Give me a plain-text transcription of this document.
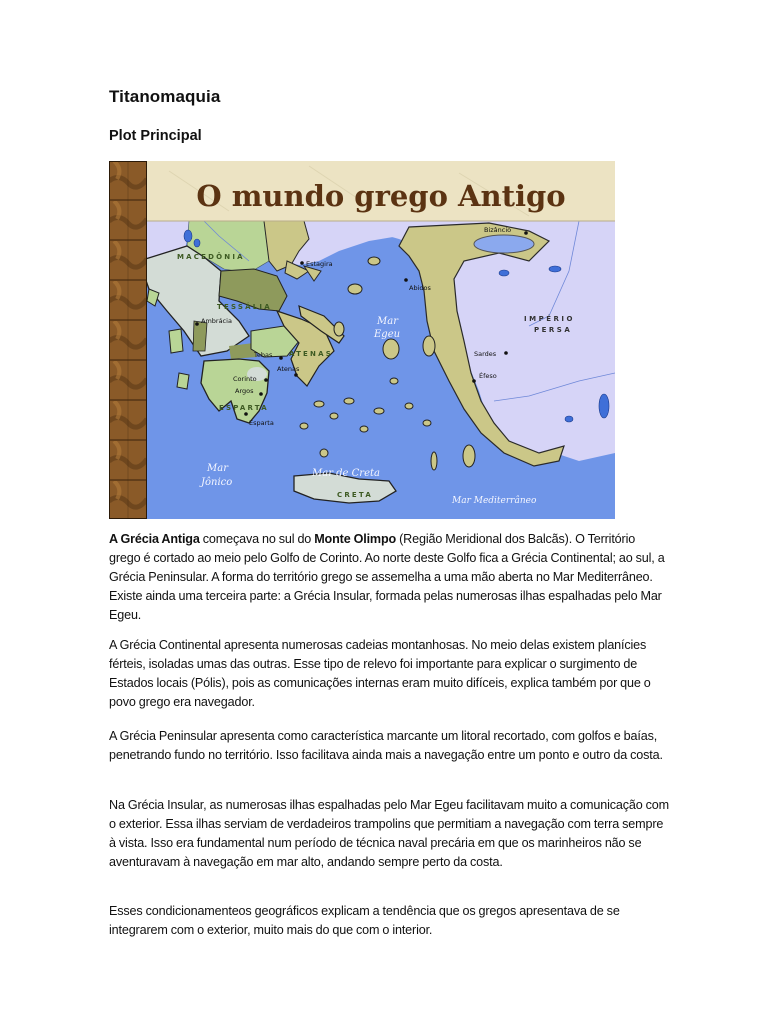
Titanomaquia
Plot Principal
O mundo grego Antigo
MACEDÔNIA
TESSÁLIA
ATENAS
ESPARTA
CRETA
IMPÉRIO
PERSA
Bizâncio
Estagira
Abidos
Ambrácia
Tebas
Atenas
Corinto
Argos
Esparta
Sardes
Éfeso
Mar
Egeu
Mar
Jônico
Mar de Creta
Mar Mediterrâneo
A Grécia Antiga começava no sul do Monte Olimpo (Região Meridional dos Balcãs). O Território grego é cortado ao meio pelo Golfo de Corinto. Ao norte deste Golfo fica a Grécia Continental; ao sul, a Grécia Peninsular. A forma do território grego se assemelha a uma mão aberta no Mar Mediterrâneo. Existe ainda uma terceira parte: a Grécia Insular, formada pelas numerosas ilhas espalhadas pelo Mar Egeu.
A Grécia Continental apresenta numerosas cadeias montanhosas. No meio delas existem planícies férteis, isoladas umas das outras. Esse tipo de relevo foi importante para explicar o surgimento de Estados locais (Pólis), pois as comunicações internas eram muito difíceis, explica também por que o povo grego era navegador.
A Grécia Peninsular apresenta como característica marcante um litoral recortado, com golfos e baías, penetrando fundo no território. Isso facilitava ainda mais a navegação entre um ponto e outro da costa.
Na Grécia Insular, as numerosas ilhas espalhadas pelo Mar Egeu facilitavam muito a comunicação com o exterior. Essa ilhas serviam de verdadeiros trampolins que permitiam a navegação com terra sempre à vista. Isso era fundamental num período de técnica naval precária em que os marinheiros não se aventuravam à navegação em mar alto, andando sempre perto da costa.
Esses condicionamenteos geográficos explicam a tendência que os gregos apresentava de se integrarem com o exterior, muito mais do que com o interior.
